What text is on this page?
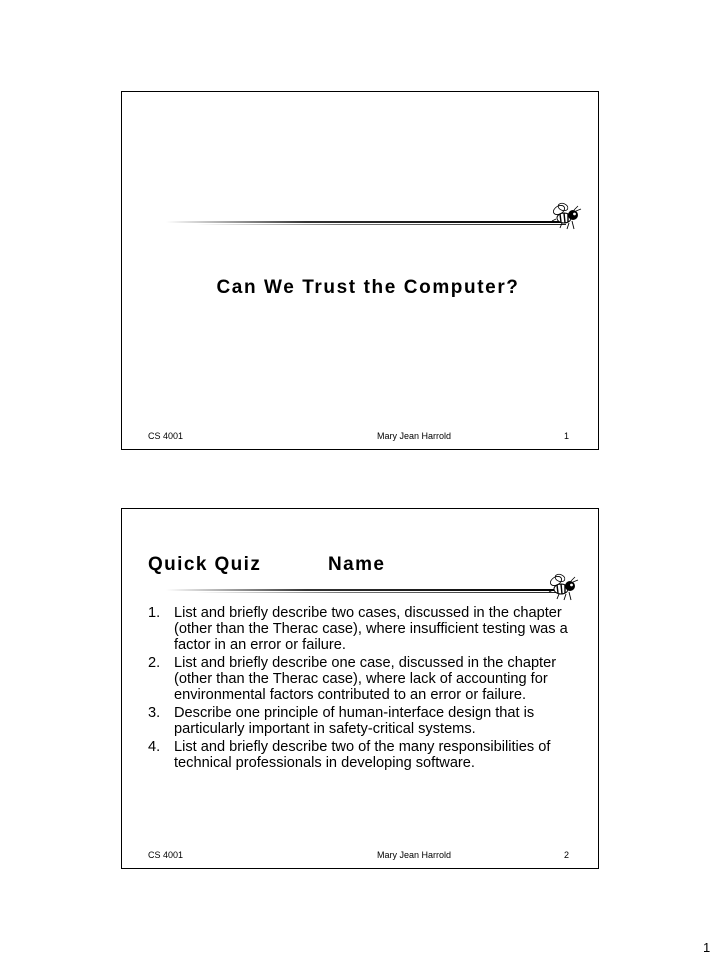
Can We Trust the Computer?
CS 4001	Mary Jean Harrold	1
Quick Quiz	Name
1. List and briefly describe two cases, discussed in the chapter (other than the Therac case), where insufficient testing was a factor in an error or failure.
2. List and briefly describe one case, discussed in the chapter (other than the Therac case), where lack of accounting for environmental factors contributed to an error or failure.
3. Describe one principle of human-interface design that is particularly important in safety-critical systems.
4. List and briefly describe two of the many responsibilities of technical professionals in developing software.
CS 4001	Mary Jean Harrold	2
1
